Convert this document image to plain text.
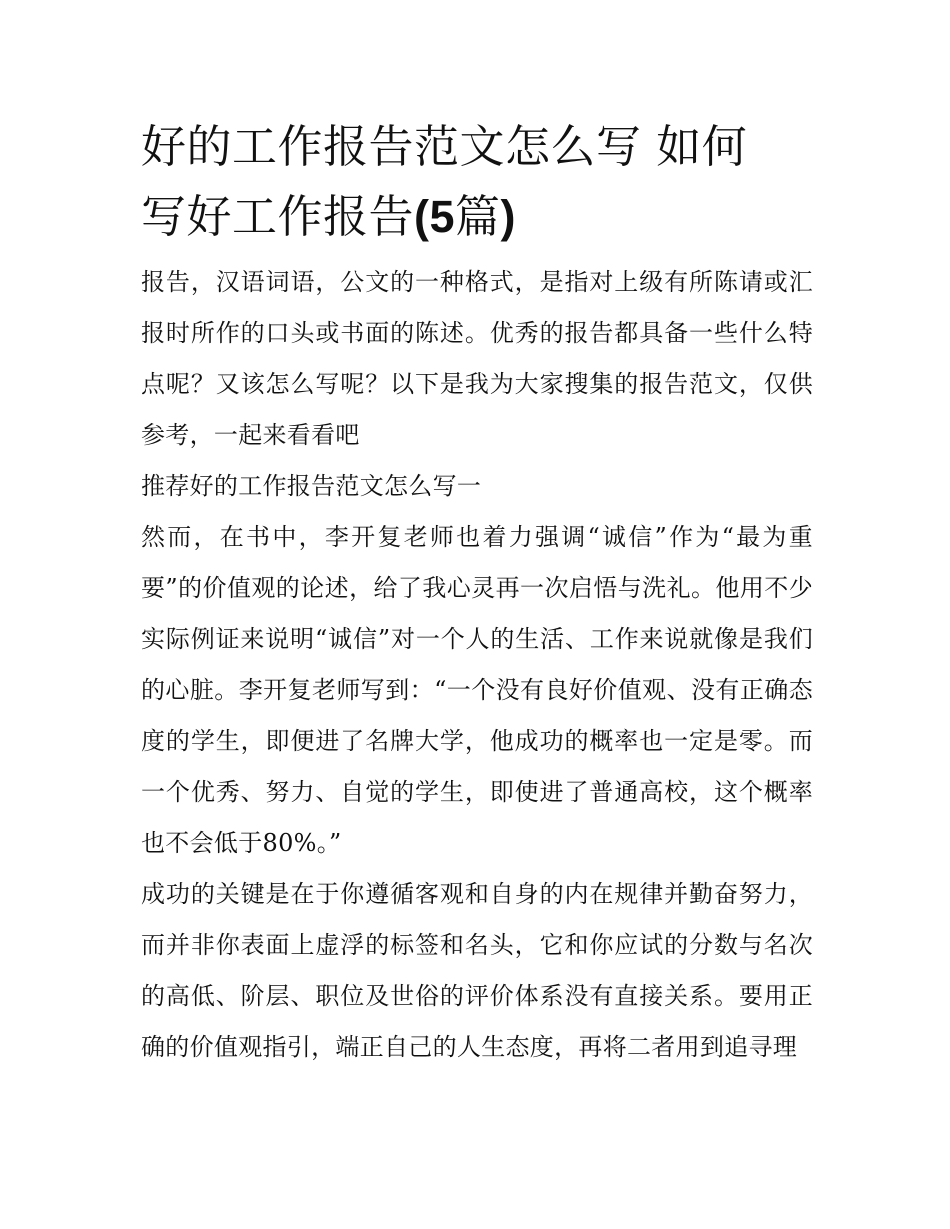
好的工作报告范文怎么写 如何
写好工作报告(5篇)

报告，汉语词语，公文的一种格式，是指对上级有所陈请或汇报时所作的口头或书面的陈述。优秀的报告都具备一些什么特点呢？又该怎么写呢？以下是我为大家搜集的报告范文，仅供参考，一起来看看吧

推荐好的工作报告范文怎么写一

然而，在书中，李开复老师也着力强调“诚信”作为“最为重要”的价值观的论述，给了我心灵再一次启悟与洗礼。他用不少实际例证来说明“诚信”对一个人的生活、工作来说就像是我们的心脏。李开复老师写到：“一个没有良好价值观、没有正确态度的学生，即便进了名牌大学，他成功的概率也一定是零。而一个优秀、努力、自觉的学生，即使进了普通高校，这个概率也不会低于80%。”

成功的关键是在于你遵循客观和自身的内在规律并勤奋努力，而并非你表面上虚浮的标签和名头，它和你应试的分数与名次的高低、阶层、职位及世俗的评价体系没有直接关系。要用正确的价值观指引，端正自己的人生态度，再将二者用到追寻理
